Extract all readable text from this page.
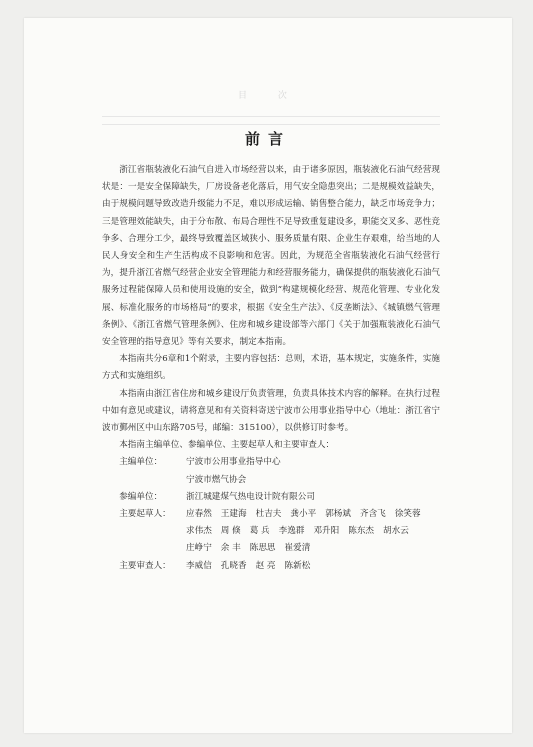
目 次
前言

浙江省瓶装液化石油气自进入市场经营以来，由于诸多原因，瓶装液化石油气经营现状是：一是安全保障缺失，厂房设备老化落后，用气安全隐患突出；二是规模效益缺失，由于规模问题导致改造升级能力不足，难以形成运输、销售整合能力，缺乏市场竞争力；三是管理效能缺失，由于分布散、布局合理性不足导致重复建设多，职能交叉多、恶性竞争多、合理分工少，最终导致覆盖区域狭小、服务质量有限、企业生存艰难，给当地的人民人身安全和生产生活构成不良影响和危害。因此，为规范全省瓶装液化石油气经营行为，提升浙江省燃气经营企业安全管理能力和经营服务能力，确保提供的瓶装液化石油气服务过程能保障人员和使用设施的安全，做到“构建规模化经营、规范化管理、专业化发展、标准化服务的市场格局”的要求，根据《安全生产法》、《反垄断法》、《城镇燃气管理条例》、《浙江省燃气管理条例》、住房和城乡建设部等六部门《关于加强瓶装液化石油气安全管理的指导意见》等有关要求，制定本指南。

本指南共分6章和1个附录，主要内容包括：总则，术语，基本规定，实施条件，实施方式和实施组织。

本指南由浙江省住房和城乡建设厅负责管理，负责具体技术内容的解释。在执行过程中如有意见或建议，请将意见和有关资料寄送宁波市公用事业指导中心（地址：浙江省宁波市鄞州区中山东路705号，邮编：315100），以供修订时参考。

本指南主编单位、参编单位、主要起草人和主要审查人：

主编单位：	宁波市公用事业指导中心
宁波市燃气协会
参编单位：	浙江城建煤气热电设计院有限公司
主要起草人：	应春然 王建海 杜吉夫 龚小平 郭杨斌 齐含飞 徐笑蓉
求伟杰 周 倏 葛 兵 李逸群 邓升阳 陈东杰 胡水云
庄峥宁 余 丰 陈思思 崔爱清
主要审查人：	李威信 孔晓香 赵 亮 陈新松
